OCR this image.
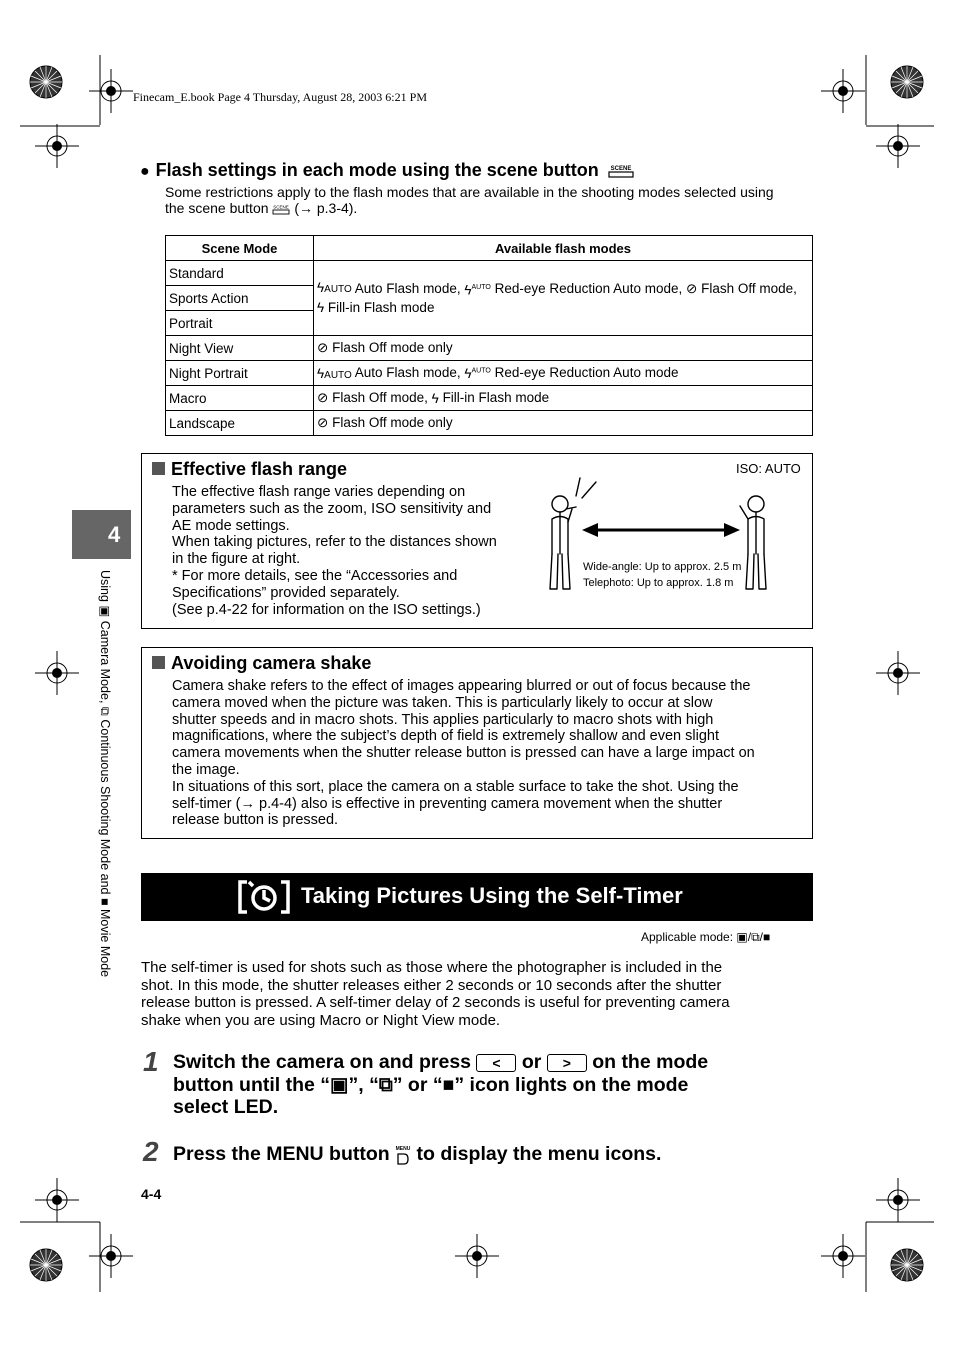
Finecam_E.book Page 4 Thursday, August 28, 2003 6:21 PM
4
Using ▣ Camera Mode, ⧉ Continuous Shooting Mode and ■ Movie Mode
● Flash settings in each mode using the scene button SCENE
Some restrictions apply to the flash modes that are available in the shooting modes selected using
the scene button SCENE (→ p.3-4).
Scene Mode	Available flash modes
Standard	ϟAUTO Auto Flash mode, $ϟ^{AUTO}$ Red-eye Reduction Auto mode, ⊘ Flash Off mode,
ϟ Fill-in Flash mode
Sports Action	
Portrait	
Night View	⊘ Flash Off mode only
Night Portrait	ϟAUTO Auto Flash mode, $ϟ^{AUTO}$ Red-eye Reduction Auto mode
Macro	⊘ Flash Off mode, ϟ Fill-in Flash mode
Landscape	⊘ Flash Off mode only
Effective flash range
The effective flash range varies depending on
parameters such as the zoom, ISO sensitivity and
AE mode settings.
When taking pictures, refer to the distances shown
in the figure at right.
* For more details, see the “Accessories and
Specifications” provided separately.
(See p.4-22 for information on the ISO settings.)
ISO: AUTO
Wide-angle: Up to approx. 2.5 m
Telephoto: Up to approx. 1.8 m
Avoiding camera shake
Camera shake refers to the effect of images appearing blurred or out of focus because the
camera moved when the picture was taken. This is particularly likely to occur at slow
shutter speeds and in macro shots. This applies particularly to macro shots with high
magnifications, where the subject’s depth of field is extremely shallow and even slight
camera movements when the shutter release button is pressed can have a large impact on
the image.
In situations of this sort, place the camera on a stable surface to take the shot. Using the
self-timer (→ p.4-4) also is effective in preventing camera movement when the shutter
release button is pressed.
Taking Pictures Using the Self-Timer
Applicable mode: ▣/⧉/■
The self-timer is used for shots such as those where the photographer is included in the
shot. In this mode, the shutter releases either 2 seconds or 10 seconds after the shutter
release button is pressed. A self-timer delay of 2 seconds is useful for preventing camera
shake when you are using Macro or Night View mode.
1 Switch the camera on and press < or > on the mode
button until the “▣”, “⧉” or “■” icon lights on the mode
select LED.
2 Press the MENU button MENU to display the menu icons.
4-4
